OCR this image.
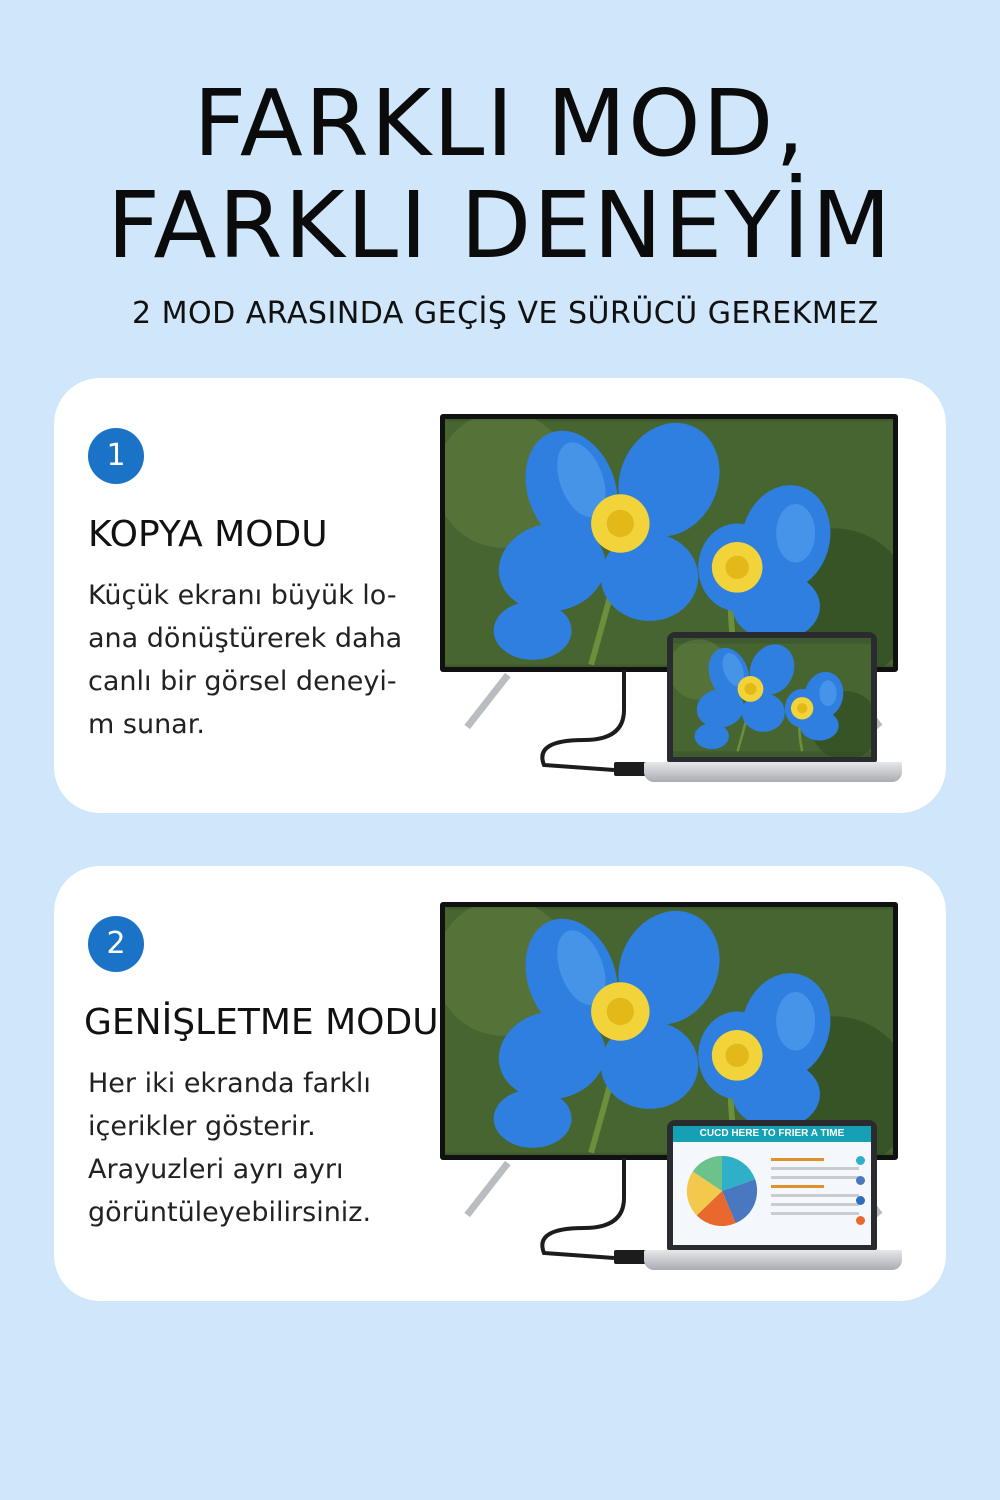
FARKLI MOD,
FARKLI DENEYİM
2 MOD ARASINDA GEÇİŞ VE SÜRÜCÜ GEREKMEZ
1
KOPYA MODU
Küçük ekranı büyük lo-ana dönüştürerek daha canlı bir görsel deneyi-m sunar.
2
GENİŞLETME MODU
Her iki ekranda farklı içerikler gösterir. Arayuzleri ayrı ayrı görüntüleyebilirsiniz.
CUCD HERE TO FRIER A TIME
